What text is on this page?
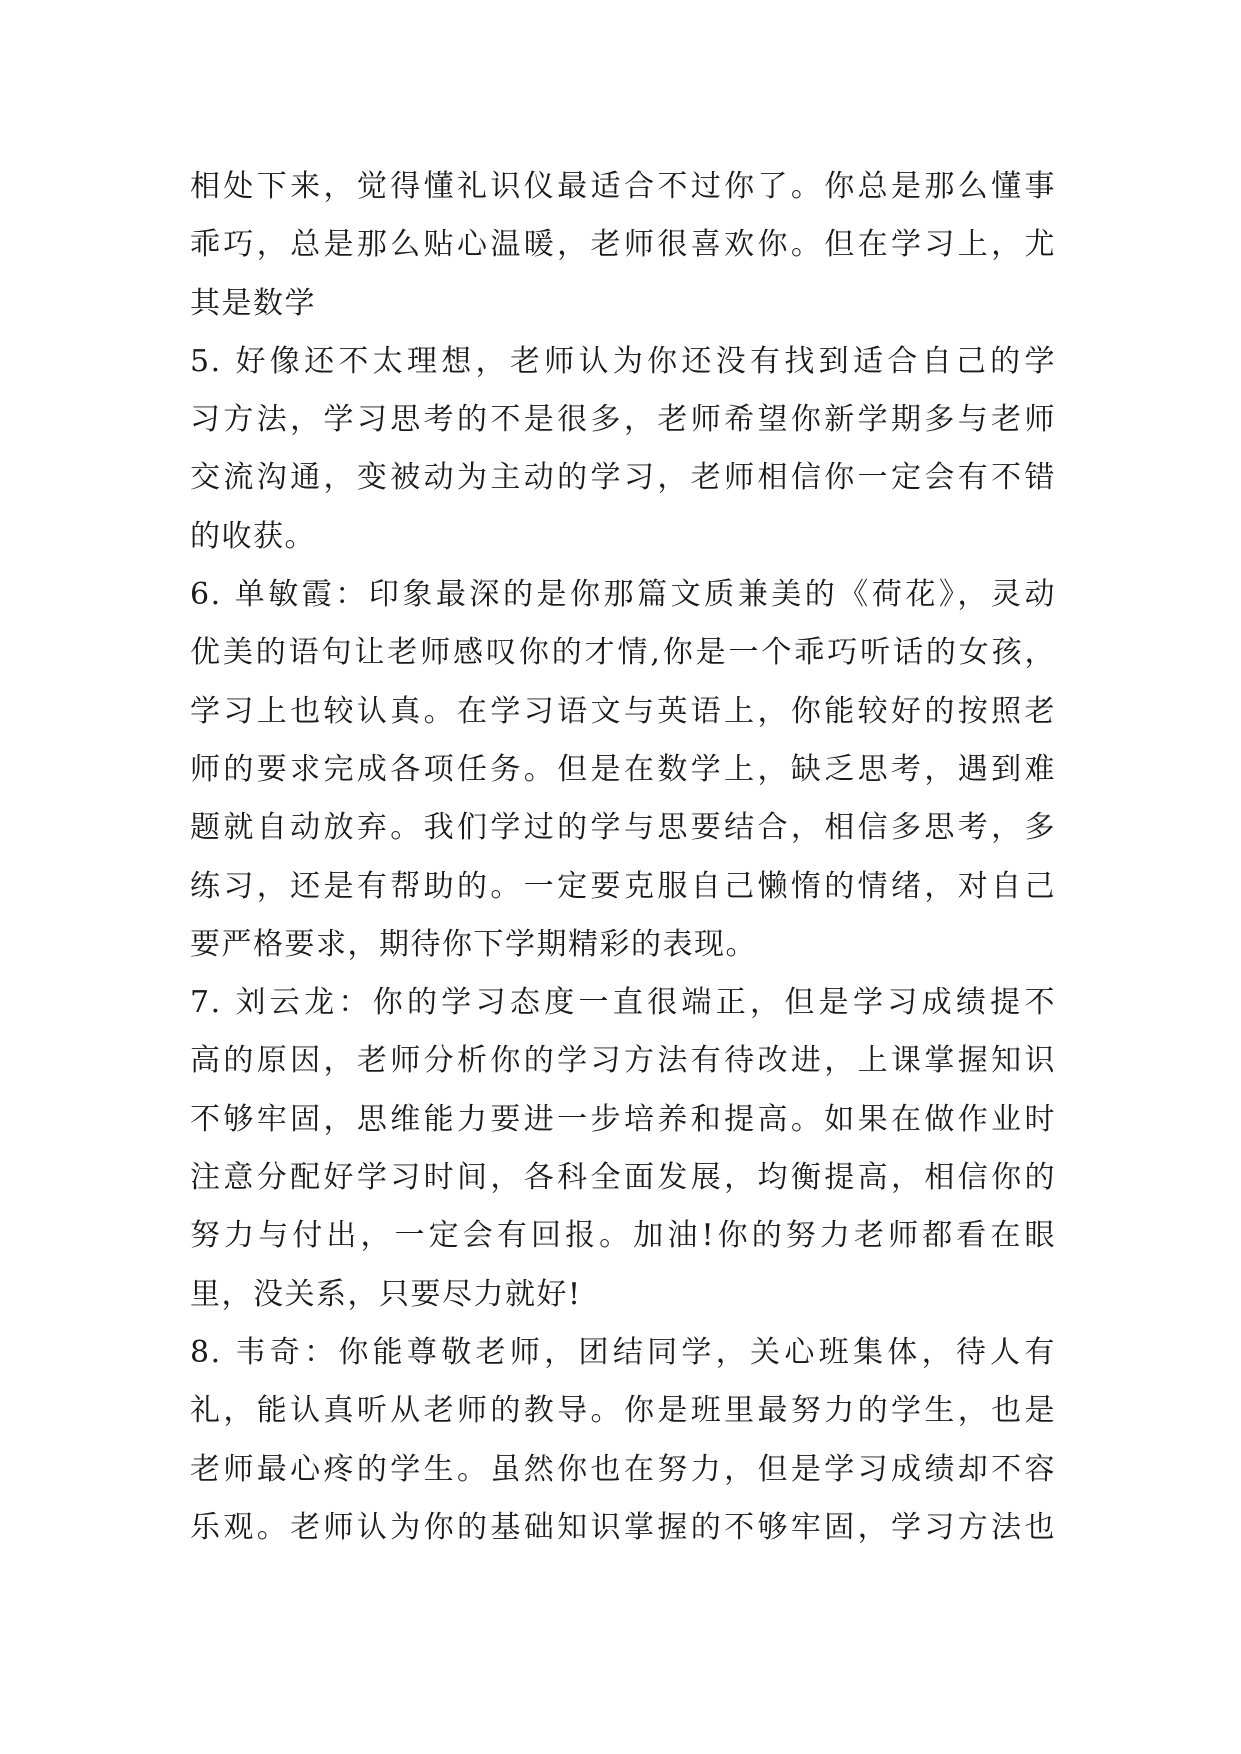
相处下来，觉得懂礼识仪最适合不过你了。你总是那么懂事
乖巧，总是那么贴心温暖，老师很喜欢你。但在学习上，尤
其是数学
5. 好像还不太理想，老师认为你还没有找到适合自己的学
习方法，学习思考的不是很多，老师希望你新学期多与老师
交流沟通，变被动为主动的学习，老师相信你一定会有不错
的收获。
6. 单敏霞：印象最深的是你那篇文质兼美的《荷花》，灵动
优美的语句让老师感叹你的才情,你是一个乖巧听话的女孩，
学习上也较认真。在学习语文与英语上，你能较好的按照老
师的要求完成各项任务。但是在数学上，缺乏思考，遇到难
题就自动放弃。我们学过的学与思要结合，相信多思考，多
练习，还是有帮助的。一定要克服自己懒惰的情绪，对自己
要严格要求，期待你下学期精彩的表现。
7. 刘云龙：你的学习态度一直很端正，但是学习成绩提不
高的原因，老师分析你的学习方法有待改进，上课掌握知识
不够牢固，思维能力要进一步培养和提高。如果在做作业时
注意分配好学习时间，各科全面发展，均衡提高，相信你的
努力与付出，一定会有回报。加油!你的努力老师都看在眼
里，没关系，只要尽力就好!
8. 韦奇：你能尊敬老师，团结同学，关心班集体，待人有
礼，能认真听从老师的教导。你是班里最努力的学生，也是
老师最心疼的学生。虽然你也在努力，但是学习成绩却不容
乐观。老师认为你的基础知识掌握的不够牢固，学习方法也
